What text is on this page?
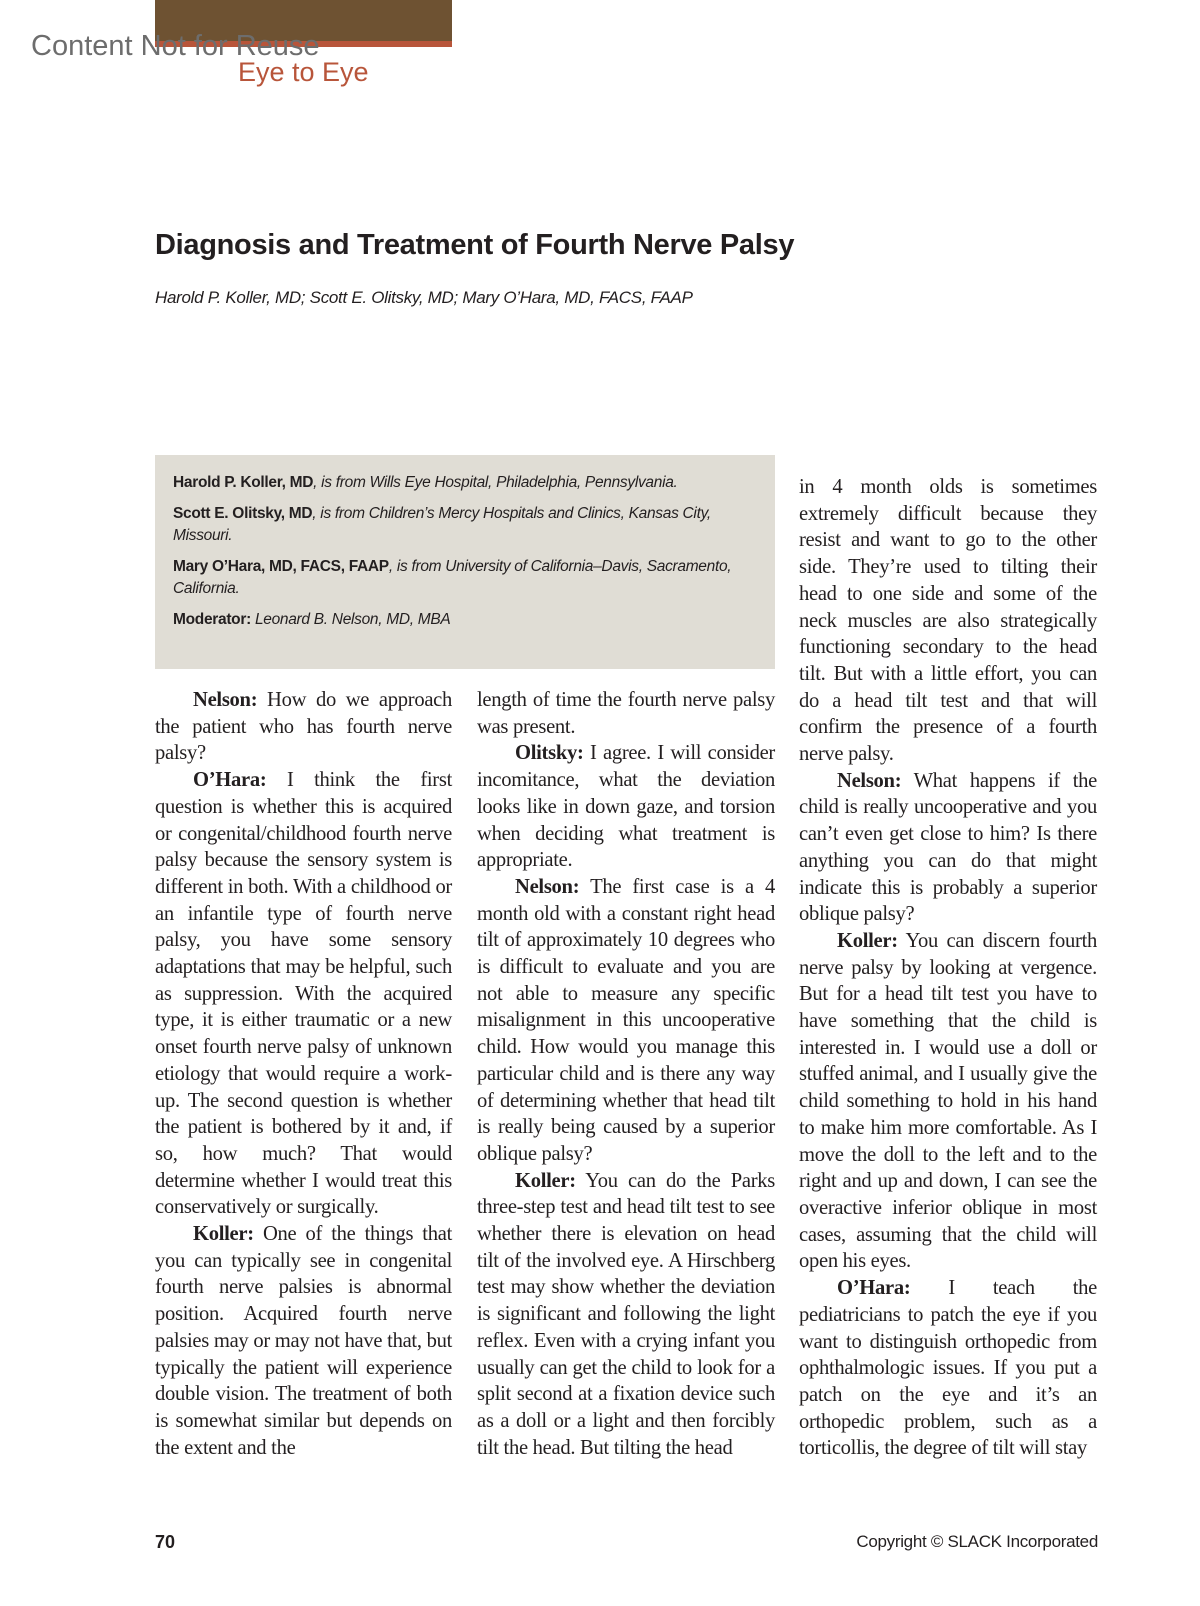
Content Not for Reuse
Eye to Eye
Diagnosis and Treatment of Fourth Nerve Palsy
Harold P. Koller, MD; Scott E. Olitsky, MD; Mary O’Hara, MD, FACS, FAAP

Harold P. Koller, MD, is from Wills Eye Hospital, Philadelphia, Pennsylvania.

Scott E. Olitsky, MD, is from Children’s Mercy Hospitals and Clinics, Kansas City, Missouri.

Mary O’Hara, MD, FACS, FAAP, is from University of California–Davis, Sacramento, California.

Moderator: Leonard B. Nelson, MD, MBA

Nelson: How do we approach the patient who has fourth nerve palsy?

O’Hara: I think the first question is whether this is acquired or congenital/childhood fourth nerve palsy because the sensory system is different in both. With a childhood or an infantile type of fourth nerve palsy, you have some sensory adaptations that may be helpful, such as suppression. With the acquired type, it is either traumatic or a new onset fourth nerve palsy of unknown etiology that would require a work-up. The second question is whether the patient is bothered by it and, if so, how much? That would determine whether I would treat this conservatively or surgically.

Koller: One of the things that you can typically see in congenital fourth nerve palsies is abnormal position. Acquired fourth nerve palsies may or may not have that, but typically the patient will experience double vision. The treatment of both is somewhat similar but depends on the extent and the

length of time the fourth nerve palsy was present.

Olitsky: I agree. I will consider incomitance, what the deviation looks like in down gaze, and torsion when deciding what treatment is appropriate.

Nelson: The first case is a 4 month old with a constant right head tilt of approximately 10 degrees who is difficult to evaluate and you are not able to measure any specific misalignment in this uncooperative child. How would you manage this particular child and is there any way of determining whether that head tilt is really being caused by a superior oblique palsy?

Koller: You can do the Parks three-step test and head tilt test to see whether there is elevation on head tilt of the involved eye. A Hirschberg test may show whether the deviation is significant and following the light reflex. Even with a crying infant you usually can get the child to look for a split second at a fixation device such as a doll or a light and then forcibly tilt the head. But tilting the head

in 4 month olds is sometimes extremely difficult because they resist and want to go to the other side. They’re used to tilting their head to one side and some of the neck muscles are also strategically functioning secondary to the head tilt. But with a little effort, you can do a head tilt test and that will confirm the presence of a fourth nerve palsy.

Nelson: What happens if the child is really uncooperative and you can’t even get close to him? Is there anything you can do that might indicate this is probably a superior oblique palsy?

Koller: You can discern fourth nerve palsy by looking at vergence. But for a head tilt test you have to have something that the child is interested in. I would use a doll or stuffed animal, and I usually give the child something to hold in his hand to make him more comfortable. As I move the doll to the left and to the right and up and down, I can see the overactive inferior oblique in most cases, assuming that the child will open his eyes.

O’Hara: I teach the pediatricians to patch the eye if you want to distinguish orthopedic from ophthalmologic issues. If you put a patch on the eye and it’s an orthopedic problem, such as a torticollis, the degree of tilt will stay

70	Copyright © SLACK Incorporated
